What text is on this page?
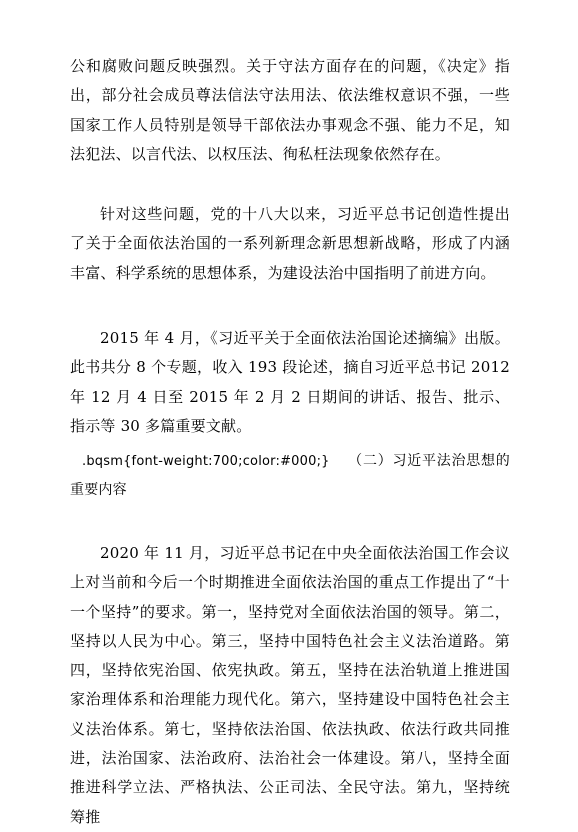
公和腐败问题反映强烈。关于守法方面存在的问题，《决定》指出，部分社会成员尊法信法守法用法、依法维权意识不强，一些国家工作人员特别是领导干部依法办事观念不强、能力不足，知法犯法、以言代法、以权压法、徇私枉法现象依然存在。

针对这些问题，党的十八大以来，习近平总书记创造性提出了关于全面依法治国的一系列新理念新思想新战略，形成了内涵丰富、科学系统的思想体系，为建设法治中国指明了前进方向。

2015 年 4 月，《习近平关于全面依法治国论述摘编》出版。此书共分 8 个专题，收入 193 段论述，摘自习近平总书记 2012 年 12 月 4 日至 2015 年 2 月 2 日期间的讲话、报告、批示、指示等 30 多篇重要文献。

.bqsm{font-weight:700;color:#000;} （二）习近平法治思想的重要内容

2020 年 11 月，习近平总书记在中央全面依法治国工作会议上对当前和今后一个时期推进全面依法治国的重点工作提出了“十一个坚持”的要求。第一，坚持党对全面依法治国的领导。第二，坚持以人民为中心。第三，坚持中国特色社会主义法治道路。第四，坚持依宪治国、依宪执政。第五，坚持在法治轨道上推进国家治理体系和治理能力现代化。第六，坚持建设中国特色社会主义法治体系。第七，坚持依法治国、依法执政、依法行政共同推进，法治国家、法治政府、法治社会一体建设。第八，坚持全面推进科学立法、严格执法、公正司法、全民守法。第九，坚持统筹推
